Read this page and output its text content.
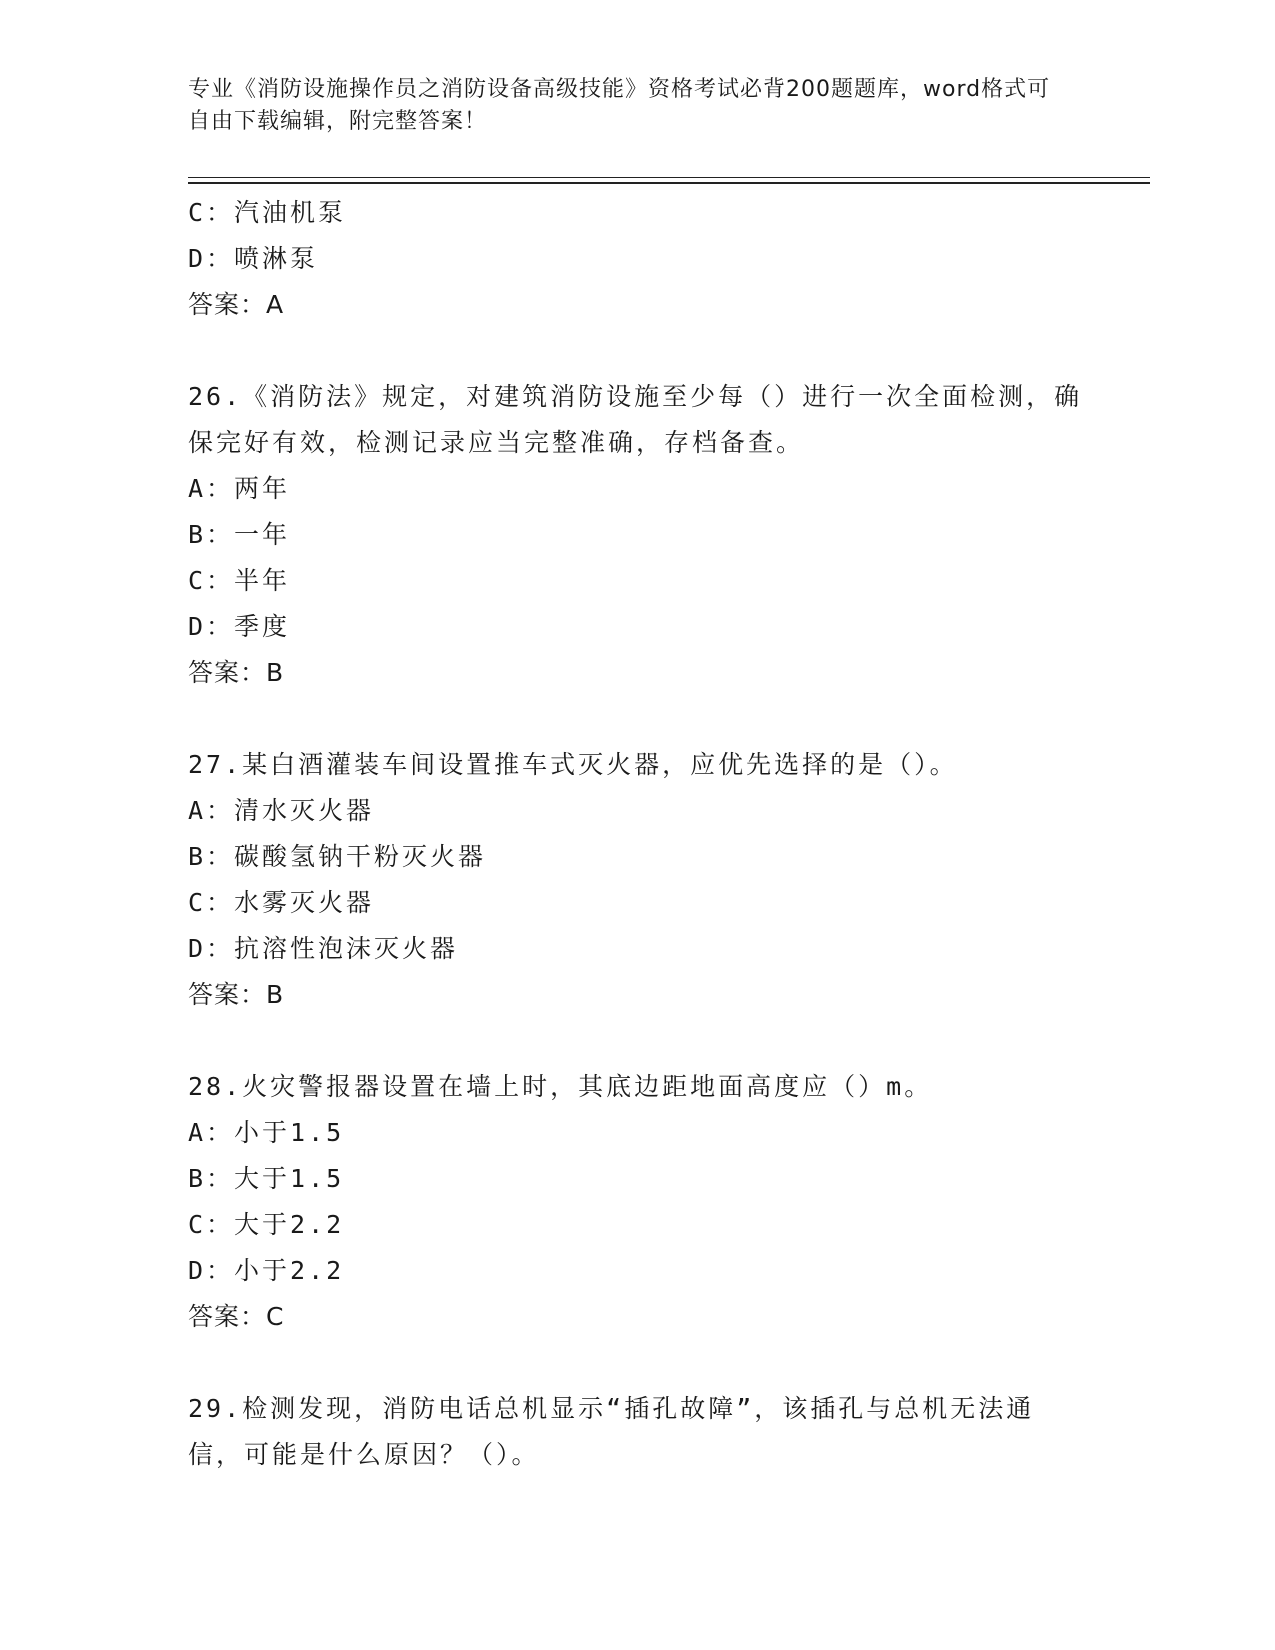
专业《消防设施操作员之消防设备高级技能》资格考试必背200题题库，word格式可自由下载编辑，附完整答案！
C：汽油机泵
D：喷淋泵
答案：A
26.《消防法》规定，对建筑消防设施至少每（）进行一次全面检测，确保完好有效，检测记录应当完整准确，存档备查。
A：两年
B：一年
C：半年
D：季度
答案：B
27.某白酒灌装车间设置推车式灭火器，应优先选择的是（）。
A：清水灭火器
B：碳酸氢钠干粉灭火器
C：水雾灭火器
D：抗溶性泡沫灭火器
答案：B
28.火灾警报器设置在墙上时，其底边距地面高度应（）m。
A：小于1.5
B：大于1.5
C：大于2.2
D：小于2.2
答案：C
29.检测发现，消防电话总机显示“插孔故障”，该插孔与总机无法通信，可能是什么原因？（）。
